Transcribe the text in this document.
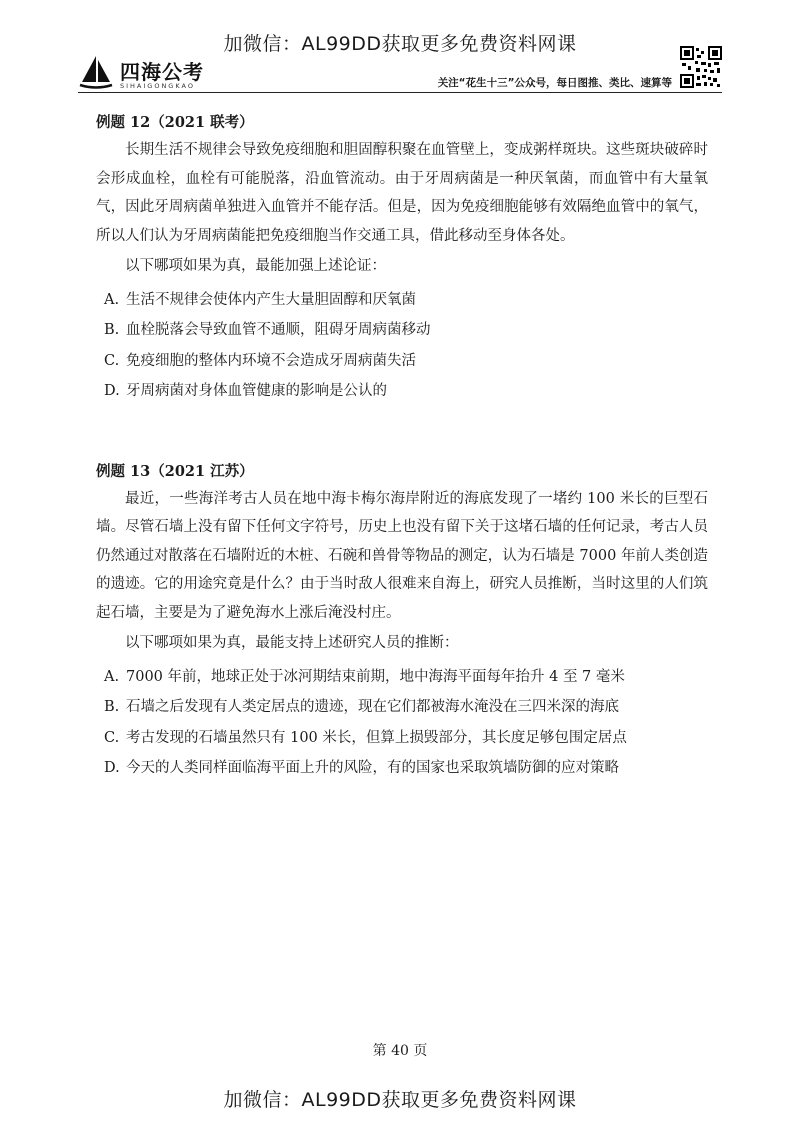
加微信：AL99DD获取更多免费资料网课
四海公考
SIHAIGONGKAO	关注“花生十三”公众号，每日图推、类比、速算等

例题 12（2021 联考）

长期生活不规律会导致免疫细胞和胆固醇积聚在血管壁上，变成粥样斑块。这些斑块破碎时会形成血栓，血栓有可能脱落，沿血管流动。由于牙周病菌是一种厌氧菌，而血管中有大量氧气，因此牙周病菌单独进入血管并不能存活。但是，因为免疫细胞能够有效隔绝血管中的氧气，所以人们认为牙周病菌能把免疫细胞当作交通工具，借此移动至身体各处。

以下哪项如果为真，最能加强上述论证：

A. 生活不规律会使体内产生大量胆固醇和厌氧菌
B. 血栓脱落会导致血管不通顺，阻碍牙周病菌移动
C. 免疫细胞的整体内环境不会造成牙周病菌失活
D. 牙周病菌对身体血管健康的影响是公认的

例题 13（2021 江苏）

最近，一些海洋考古人员在地中海卡梅尔海岸附近的海底发现了一堵约 100 米长的巨型石墙。尽管石墙上没有留下任何文字符号，历史上也没有留下关于这堵石墙的任何记录，考古人员仍然通过对散落在石墙附近的木桩、石碗和兽骨等物品的测定，认为石墙是 7000 年前人类创造的遗迹。它的用途究竟是什么？由于当时敌人很难来自海上，研究人员推断，当时这里的人们筑起石墙，主要是为了避免海水上涨后淹没村庄。

以下哪项如果为真，最能支持上述研究人员的推断：

A. 7000 年前，地球正处于冰河期结束前期，地中海海平面每年抬升 4 至 7 毫米
B. 石墙之后发现有人类定居点的遗迹，现在它们都被海水淹没在三四米深的海底
C. 考古发现的石墙虽然只有 100 米长，但算上损毁部分，其长度足够包围定居点
D. 今天的人类同样面临海平面上升的风险，有的国家也采取筑墙防御的应对策略
第 40 页
加微信：AL99DD获取更多免费资料网课
